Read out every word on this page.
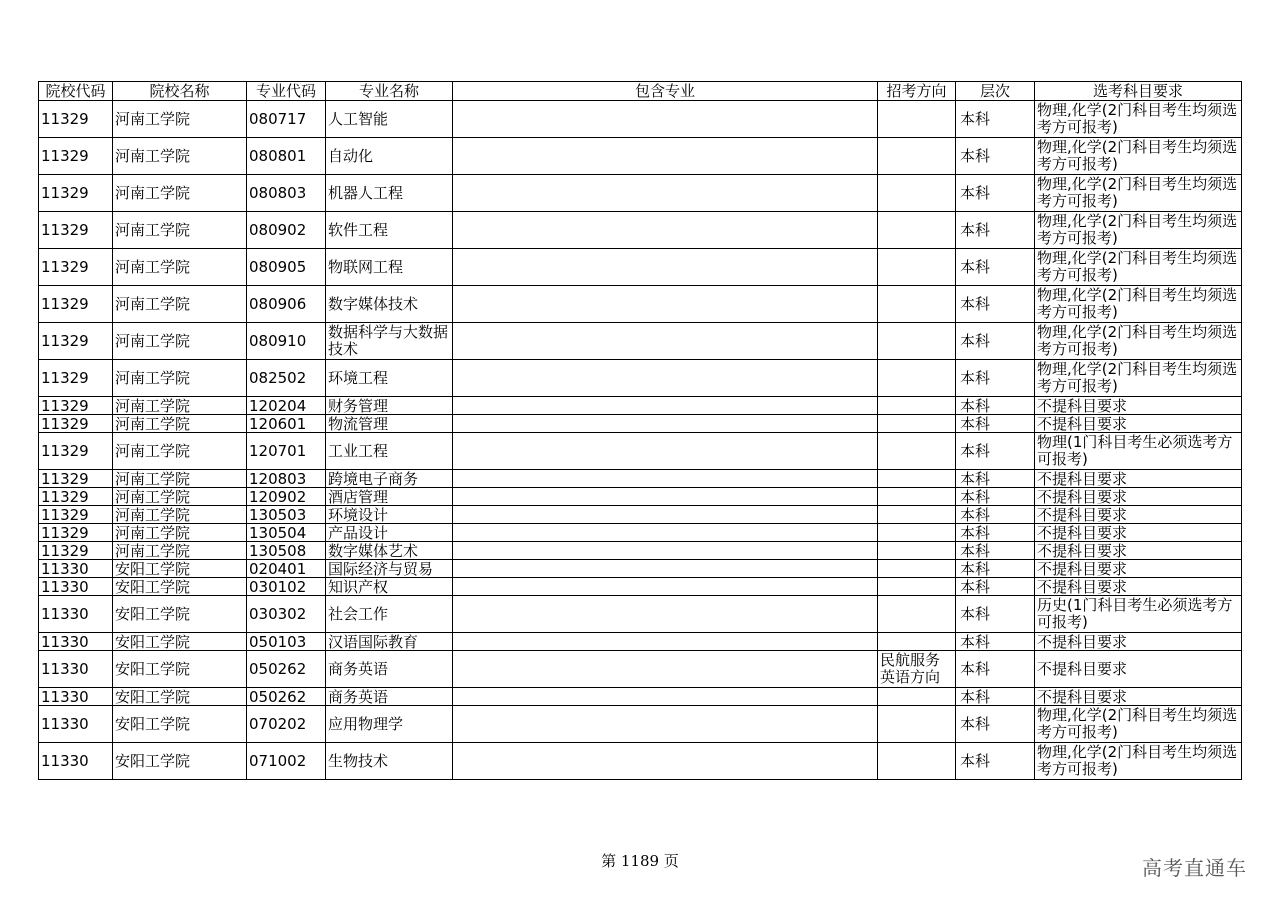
院校代码	院校名称	专业代码	专业名称	包含专业	招考方向	层次	选考科目要求
11329	河南工学院	080717	人工智能			本科	物理,化学(2门科目考生均须选考方可报考)
11329	河南工学院	080801	自动化			本科	物理,化学(2门科目考生均须选考方可报考)
11329	河南工学院	080803	机器人工程			本科	物理,化学(2门科目考生均须选考方可报考)
11329	河南工学院	080902	软件工程			本科	物理,化学(2门科目考生均须选考方可报考)
11329	河南工学院	080905	物联网工程			本科	物理,化学(2门科目考生均须选考方可报考)
11329	河南工学院	080906	数字媒体技术			本科	物理,化学(2门科目考生均须选考方可报考)
11329	河南工学院	080910	数据科学与大数据技术			本科	物理,化学(2门科目考生均须选考方可报考)
11329	河南工学院	082502	环境工程			本科	物理,化学(2门科目考生均须选考方可报考)
11329	河南工学院	120204	财务管理			本科	不提科目要求
11329	河南工学院	120601	物流管理			本科	不提科目要求
11329	河南工学院	120701	工业工程			本科	物理(1门科目考生必须选考方可报考)
11329	河南工学院	120803	跨境电子商务			本科	不提科目要求
11329	河南工学院	120902	酒店管理			本科	不提科目要求
11329	河南工学院	130503	环境设计			本科	不提科目要求
11329	河南工学院	130504	产品设计			本科	不提科目要求
11329	河南工学院	130508	数字媒体艺术			本科	不提科目要求
11330	安阳工学院	020401	国际经济与贸易			本科	不提科目要求
11330	安阳工学院	030102	知识产权			本科	不提科目要求
11330	安阳工学院	030302	社会工作			本科	历史(1门科目考生必须选考方可报考)
11330	安阳工学院	050103	汉语国际教育			本科	不提科目要求
11330	安阳工学院	050262	商务英语		民航服务英语方向	本科	不提科目要求
11330	安阳工学院	050262	商务英语			本科	不提科目要求
11330	安阳工学院	070202	应用物理学			本科	物理,化学(2门科目考生均须选考方可报考)
11330	安阳工学院	071002	生物技术			本科	物理,化学(2门科目考生均须选考方可报考)
第 1189 页	高考直通车
